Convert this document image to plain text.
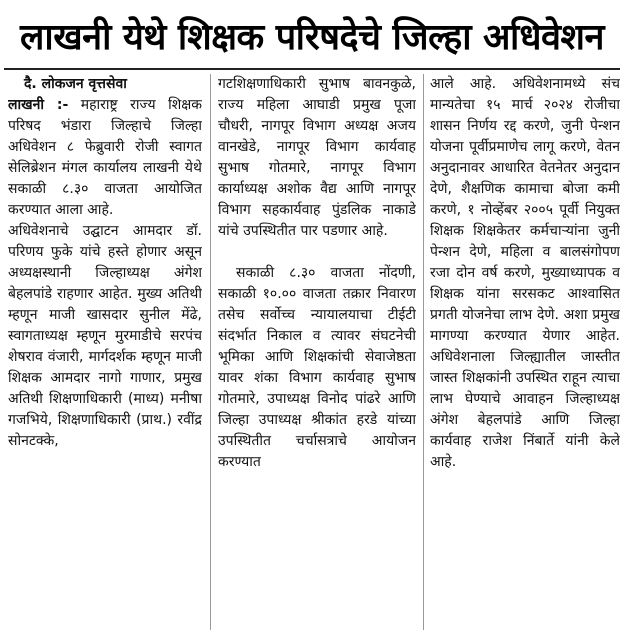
लाखनी येथे शिक्षक परिषदेचे जिल्हा अधिवेशन

दै. लोकजन वृत्तसेवा

लाखनी :- महाराष्ट्र राज्य शिक्षक परिषद भंडारा जिल्हाचे जिल्हा अधिवेशन ८ फेब्रुवारी रोजी स्वागत सेलिब्रेशन मंगल कार्यालय लाखनी येथे सकाळी ८.३० वाजता आयोजित करण्यात आला आहे.

अधिवेशनाचे उद्घाटन आमदार डॉ. परिणय फुके यांचे हस्ते होणार असून अध्यक्षस्थानी जिल्हाध्यक्ष अंगेश बेहलपांडे राहणार आहेत. मुख्य अतिथी म्हणून माजी खासदार सुनील मेंढे, स्वागताध्यक्ष म्हणून मुरमाडीचे सरपंच शेषराव वंजारी, मार्गदर्शक म्हणून माजी शिक्षक आमदार नागो गाणार, प्रमुख अतिथी शिक्षणाधिकारी (माध्य) मनीषा गजभिये, शिक्षणाधिकारी (प्राथ.) रवींद्र सोनटक्के,

गटशिक्षणाधिकारी सुभाष बावनकुळे, राज्य महिला आघाडी प्रमुख पूजा चौधरी, नागपूर विभाग अध्यक्ष अजय वानखेडे, नागपूर विभाग कार्यवाह सुभाष गोतमारे, नागपूर विभाग कार्याध्यक्ष अशोक वैद्य आणि नागपूर विभाग सहकार्यवाह पुंडलिक नाकाडे यांचे उपस्थितीत पार पडणार आहे.

सकाळी ८.३० वाजता नोंदणी, सकाळी १०.०० वाजता तक्रार निवारण तसेच सर्वोच्च न्यायालयाचा टीईटी संदर्भात निकाल व त्यावर संघटनेची भूमिका आणि शिक्षकांची सेवाजेष्ठता यावर शंका विभाग कार्यवाह सुभाष गोतमारे, उपाध्यक्ष विनोद पांढरे आणि जिल्हा उपाध्यक्ष श्रीकांत हरडे यांच्या उपस्थितीत चर्चासत्राचे आयोजन करण्यात

आले आहे. अधिवेशनामध्ये संच मान्यतेचा १५ मार्च २०२४ रोजीचा शासन निर्णय रद्द करणे, जुनी पेन्शन योजना पूर्वीप्रमाणेच लागू करणे, वेतन अनुदानावर आधारित वेतनेतर अनुदान देणे, शैक्षणिक कामाचा बोजा कमी करणे, १ नोव्हेंबर २००५ पूर्वी नियुक्त शिक्षक शिक्षकेतर कर्मचाऱ्यांना जुनी पेन्शन देणे, महिला व बालसंगोपण रजा दोन वर्ष करणे, मुख्याध्यापक व शिक्षक यांना सरसकट आश्वासित प्रगती योजनेचा लाभ देणे. अशा प्रमुख मागण्या करण्यात येणार आहेत. अधिवेशनाला जिल्ह्यातील जास्तीत जास्त शिक्षकांनी उपस्थित राहून त्याचा लाभ घेण्याचे आवाहन जिल्हाध्यक्ष अंगेश बेहलपांडे आणि जिल्हा कार्यवाह राजेश निंबार्ते यांनी केले आहे.
